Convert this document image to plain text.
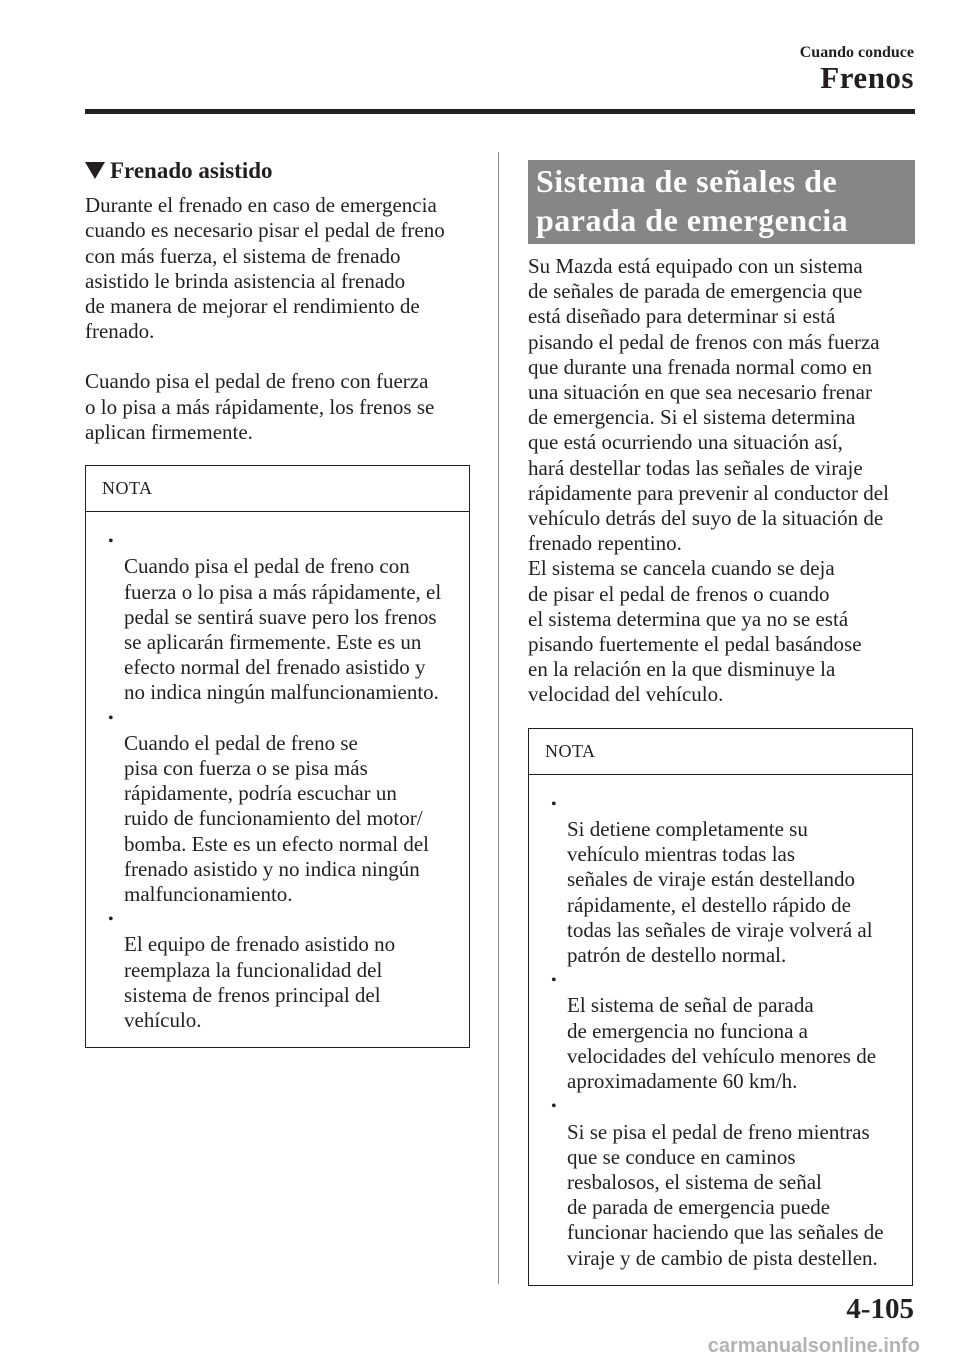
Cuando conduce
Frenos
Frenado asistido

Durante el frenado en caso de emergencia
cuando es necesario pisar el pedal de freno
con más fuerza, el sistema de frenado
asistido le brinda asistencia al frenado
de manera de mejorar el rendimiento de
frenado.

Cuando pisa el pedal de freno con fuerza
o lo pisa a más rápidamente, los frenos se
aplican firmemente.

NOTA

•
Cuando pisa el pedal de freno con
fuerza o lo pisa a más rápidamente, el
pedal se sentirá suave pero los frenos
se aplicarán firmemente. Este es un
efecto normal del frenado asistido y
no indica ningún malfuncionamiento.

•
Cuando el pedal de freno se
pisa con fuerza o se pisa más
rápidamente, podría escuchar un
ruido de funcionamiento del motor/
bomba. Este es un efecto normal del
frenado asistido y no indica ningún
malfuncionamiento.

•
El equipo de frenado asistido no
reemplaza la funcionalidad del
sistema de frenos principal del
vehículo.

Sistema de señales de
parada de emergencia

Su Mazda está equipado con un sistema
de señales de parada de emergencia que
está diseñado para determinar si está
pisando el pedal de frenos con más fuerza
que durante una frenada normal como en
una situación en que sea necesario frenar
de emergencia. Si el sistema determina
que está ocurriendo una situación así,
hará destellar todas las señales de viraje
rápidamente para prevenir al conductor del
vehículo detrás del suyo de la situación de
frenado repentino.
El sistema se cancela cuando se deja
de pisar el pedal de frenos o cuando
el sistema determina que ya no se está
pisando fuertemente el pedal basándose
en la relación en la que disminuye la
velocidad del vehículo.

NOTA

•
Si detiene completamente su
vehículo mientras todas las
señales de viraje están destellando
rápidamente, el destello rápido de
todas las señales de viraje volverá al
patrón de destello normal.

•
El sistema de señal de parada
de emergencia no funciona a
velocidades del vehículo menores de
aproximadamente 60 km/h.

•
Si se pisa el pedal de freno mientras
que se conduce en caminos
resbalosos, el sistema de señal
de parada de emergencia puede
funcionar haciendo que las señales de
viraje y de cambio de pista destellen.

4-105
carmanualsonline.info
